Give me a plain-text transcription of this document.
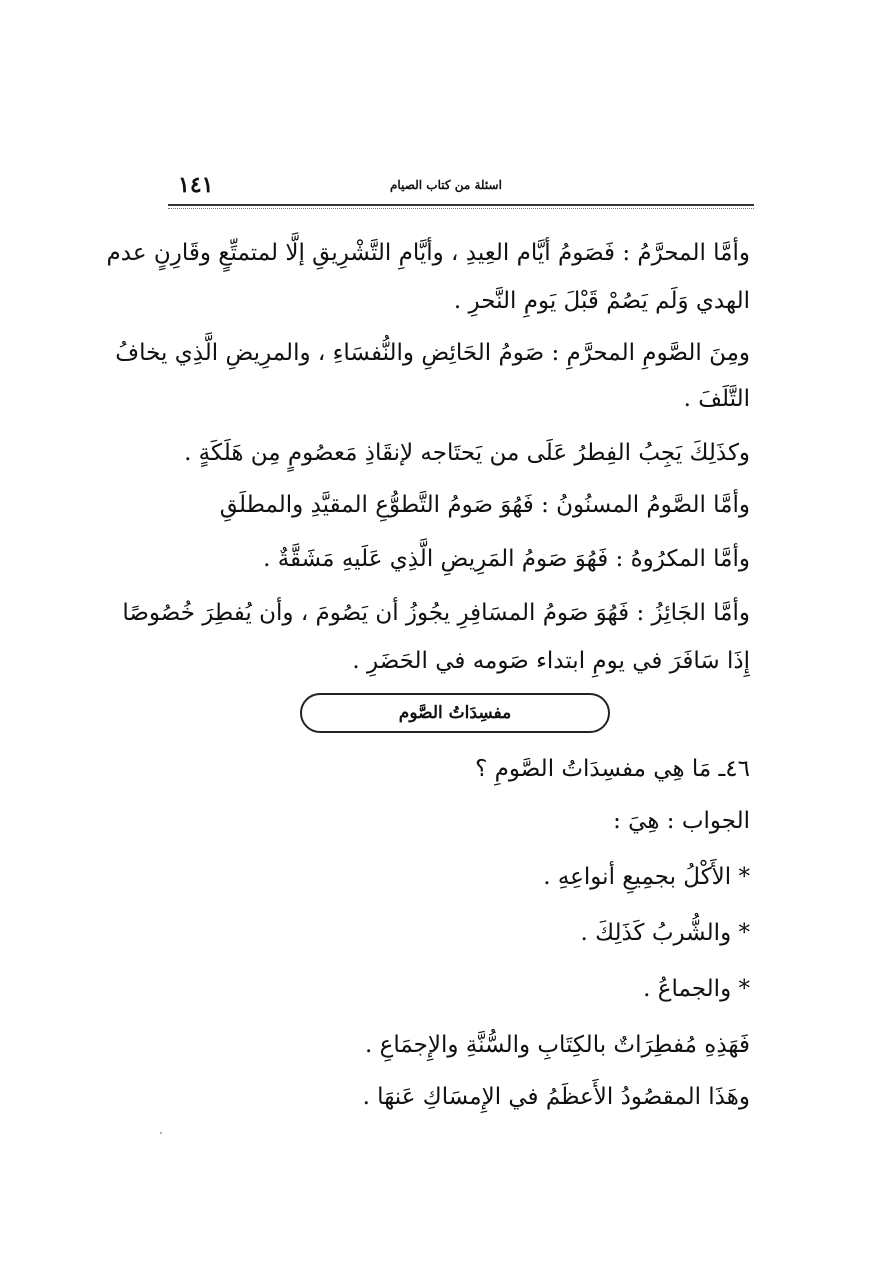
١٤١	اسئلة من كتاب الصيام
وأمَّا المحرَّمُ : فَصَومُ أيَّام العِيدِ ، وأيَّامِ التَّشْرِيقِ إلَّا لمتمتِّعٍ وقَارِنٍ عدم
الهدي وَلَم يَصُمْ قَبْلَ يَومِ النَّحرِ .
ومِنَ الصَّومِ المحرَّمِ : صَومُ الحَائِضِ والنُّفسَاءِ ، والمرِيضِ الَّذِي يخافُ
التَّلَفَ .
وكذَلِكَ يَجِبُ الفِطرُ عَلَى من يَحتَاجه لإنقَاذِ مَعصُومٍ مِن هَلَكَةٍ .
وأمَّا الصَّومُ المسنُونُ : فَهُوَ صَومُ التَّطوُّعِ المقيَّدِ والمطلَقِ
وأمَّا المكرُوهُ : فَهُوَ صَومُ المَرِيضِ الَّذِي عَلَيهِ مَشَقَّةٌ .
وأمَّا الجَائِزُ : فَهُوَ صَومُ المسَافِرِ يجُوزُ أن يَصُومَ ، وأن يُفطِرَ خُصُوصًا
إِذَا سَافَرَ في يومِ ابتداء صَومه في الحَضَرِ .
مفسِدَاتُ الصَّوم
٤٦ـ مَا هِي مفسِدَاتُ الصَّومِ ؟
الجواب : هِيَ :
* الأَكْلُ بجمِيعِ أنواعِهِ .
* والشُّربُ كَذَلِكَ .
* والجماعُ .
فَهَذِهِ مُفطِرَاتٌ بالكِتَابِ والسُّنَّةِ والإِجمَاعِ .
وهَذَا المقصُودُ الأَعظَمُ في الإِمسَاكِ عَنهَا .
